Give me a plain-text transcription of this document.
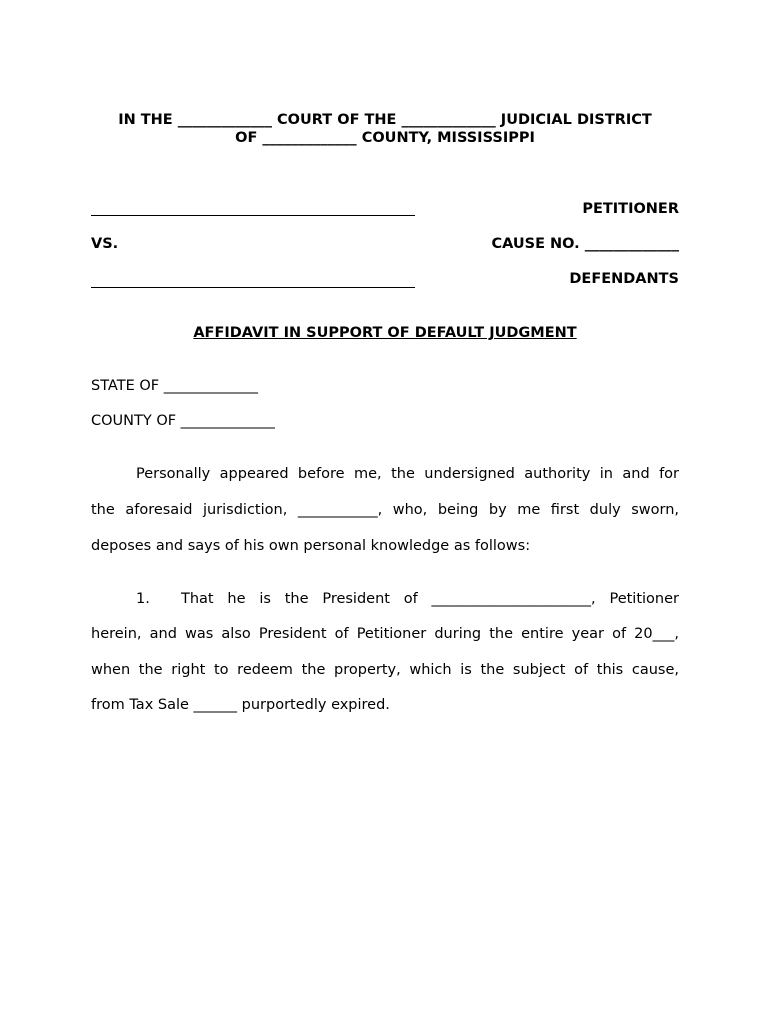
IN THE _____________ COURT OF THE _____________ JUDICIAL DISTRICT
OF _____________ COUNTY, MISSISSIPPI
PETITIONER
VS.	CAUSE NO. _____________
DEFENDANTS
AFFIDAVIT IN SUPPORT OF DEFAULT JUDGMENT
STATE OF _____________
COUNTY OF _____________
Personally appeared before me, the undersigned authority in and for
the aforesaid jurisdiction, ___________, who, being by me first duly sworn,
deposes and says of his own personal knowledge as follows:
1. That he is the President of ______________________, Petitioner
herein, and was also President of Petitioner during the entire year of 20___,
when the right to redeem the property, which is the subject of this cause,
from Tax Sale ______ purportedly expired.
